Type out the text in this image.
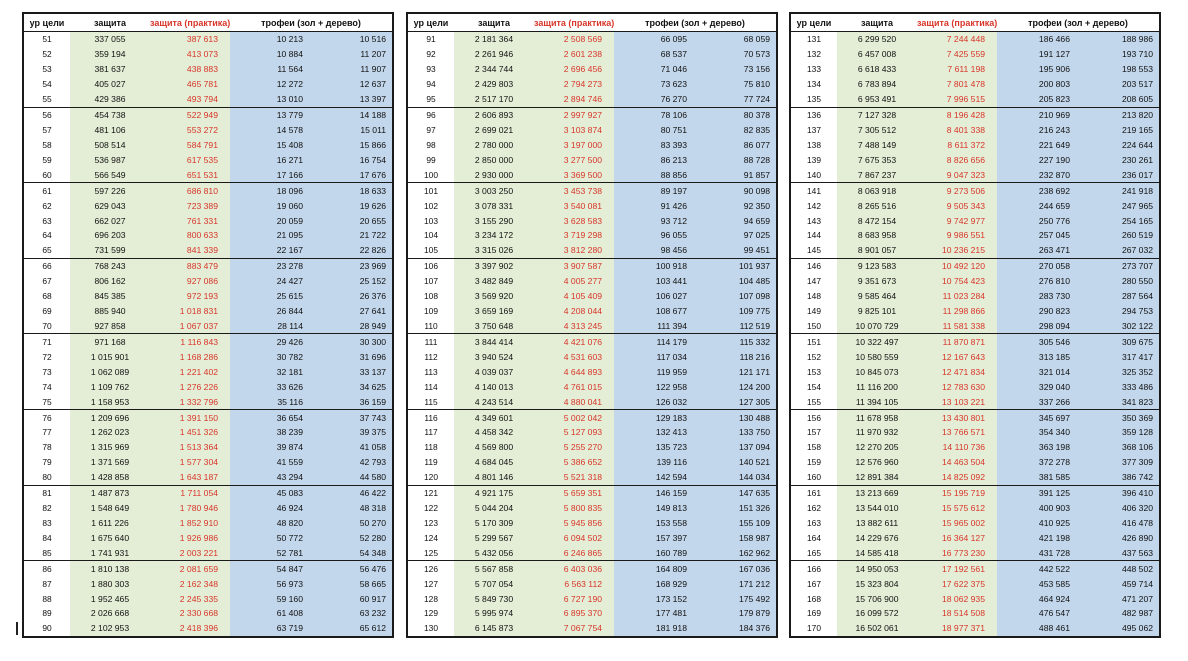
ур цели	защита	защита (практика)	трофеи (зол + дерево)	
51	337 055	387 613	10 213	10 516
52	359 194	413 073	10 884	11 207
53	381 637	438 883	11 564	11 907
54	405 027	465 781	12 272	12 637
55	429 386	493 794	13 010	13 397
56	454 738	522 949	13 779	14 188
57	481 106	553 272	14 578	15 011
58	508 514	584 791	15 408	15 866
59	536 987	617 535	16 271	16 754
60	566 549	651 531	17 166	17 676
61	597 226	686 810	18 096	18 633
62	629 043	723 389	19 060	19 626
63	662 027	761 331	20 059	20 655
64	696 203	800 633	21 095	21 722
65	731 599	841 339	22 167	22 826
66	768 243	883 479	23 278	23 969
67	806 162	927 086	24 427	25 152
68	845 385	972 193	25 615	26 376
69	885 940	1 018 831	26 844	27 641
70	927 858	1 067 037	28 114	28 949
71	971 168	1 116 843	29 426	30 300
72	1 015 901	1 168 286	30 782	31 696
73	1 062 089	1 221 402	32 181	33 137
74	1 109 762	1 276 226	33 626	34 625
75	1 158 953	1 332 796	35 116	36 159
76	1 209 696	1 391 150	36 654	37 743
77	1 262 023	1 451 326	38 239	39 375
78	1 315 969	1 513 364	39 874	41 058
79	1 371 569	1 577 304	41 559	42 793
80	1 428 858	1 643 187	43 294	44 580
81	1 487 873	1 711 054	45 083	46 422
82	1 548 649	1 780 946	46 924	48 318
83	1 611 226	1 852 910	48 820	50 270
84	1 675 640	1 926 986	50 772	52 280
85	1 741 931	2 003 221	52 781	54 348
86	1 810 138	2 081 659	54 847	56 476
87	1 880 303	2 162 348	56 973	58 665
88	1 952 465	2 245 335	59 160	60 917
89	2 026 668	2 330 668	61 408	63 232
90	2 102 953	2 418 396	63 719	65 612
ур цели	защита	защита (практика)	трофеи (зол + дерево)	
91	2 181 364	2 508 569	66 095	68 059
92	2 261 946	2 601 238	68 537	70 573
93	2 344 744	2 696 456	71 046	73 156
94	2 429 803	2 794 273	73 623	75 810
95	2 517 170	2 894 746	76 270	77 724
96	2 606 893	2 997 927	78 106	80 378
97	2 699 021	3 103 874	80 751	82 835
98	2 780 000	3 197 000	83 393	86 077
99	2 850 000	3 277 500	86 213	88 728
100	2 930 000	3 369 500	88 856	91 857
101	3 003 250	3 453 738	89 197	90 098
102	3 078 331	3 540 081	91 426	92 350
103	3 155 290	3 628 583	93 712	94 659
104	3 234 172	3 719 298	96 055	97 025
105	3 315 026	3 812 280	98 456	99 451
106	3 397 902	3 907 587	100 918	101 937
107	3 482 849	4 005 277	103 441	104 485
108	3 569 920	4 105 409	106 027	107 098
109	3 659 169	4 208 044	108 677	109 775
110	3 750 648	4 313 245	111 394	112 519
111	3 844 414	4 421 076	114 179	115 332
112	3 940 524	4 531 603	117 034	118 216
113	4 039 037	4 644 893	119 959	121 171
114	4 140 013	4 761 015	122 958	124 200
115	4 243 514	4 880 041	126 032	127 305
116	4 349 601	5 002 042	129 183	130 488
117	4 458 342	5 127 093	132 413	133 750
118	4 569 800	5 255 270	135 723	137 094
119	4 684 045	5 386 652	139 116	140 521
120	4 801 146	5 521 318	142 594	144 034
121	4 921 175	5 659 351	146 159	147 635
122	5 044 204	5 800 835	149 813	151 326
123	5 170 309	5 945 856	153 558	155 109
124	5 299 567	6 094 502	157 397	158 987
125	5 432 056	6 246 865	160 789	162 962
126	5 567 858	6 403 036	164 809	167 036
127	5 707 054	6 563 112	168 929	171 212
128	5 849 730	6 727 190	173 152	175 492
129	5 995 974	6 895 370	177 481	179 879
130	6 145 873	7 067 754	181 918	184 376
ур цели	защита	защита (практика)	трофеи (зол + дерево)	
131	6 299 520	7 244 448	186 466	188 986
132	6 457 008	7 425 559	191 127	193 710
133	6 618 433	7 611 198	195 906	198 553
134	6 783 894	7 801 478	200 803	203 517
135	6 953 491	7 996 515	205 823	208 605
136	7 127 328	8 196 428	210 969	213 820
137	7 305 512	8 401 338	216 243	219 165
138	7 488 149	8 611 372	221 649	224 644
139	7 675 353	8 826 656	227 190	230 261
140	7 867 237	9 047 323	232 870	236 017
141	8 063 918	9 273 506	238 692	241 918
142	8 265 516	9 505 343	244 659	247 965
143	8 472 154	9 742 977	250 776	254 165
144	8 683 958	9 986 551	257 045	260 519
145	8 901 057	10 236 215	263 471	267 032
146	9 123 583	10 492 120	270 058	273 707
147	9 351 673	10 754 423	276 810	280 550
148	9 585 464	11 023 284	283 730	287 564
149	9 825 101	11 298 866	290 823	294 753
150	10 070 729	11 581 338	298 094	302 122
151	10 322 497	11 870 871	305 546	309 675
152	10 580 559	12 167 643	313 185	317 417
153	10 845 073	12 471 834	321 014	325 352
154	11 116 200	12 783 630	329 040	333 486
155	11 394 105	13 103 221	337 266	341 823
156	11 678 958	13 430 801	345 697	350 369
157	11 970 932	13 766 571	354 340	359 128
158	12 270 205	14 110 736	363 198	368 106
159	12 576 960	14 463 504	372 278	377 309
160	12 891 384	14 825 092	381 585	386 742
161	13 213 669	15 195 719	391 125	396 410
162	13 544 010	15 575 612	400 903	406 320
163	13 882 611	15 965 002	410 925	416 478
164	14 229 676	16 364 127	421 198	426 890
165	14 585 418	16 773 230	431 728	437 563
166	14 950 053	17 192 561	442 522	448 502
167	15 323 804	17 622 375	453 585	459 714
168	15 706 900	18 062 935	464 924	471 207
169	16 099 572	18 514 508	476 547	482 987
170	16 502 061	18 977 371	488 461	495 062
